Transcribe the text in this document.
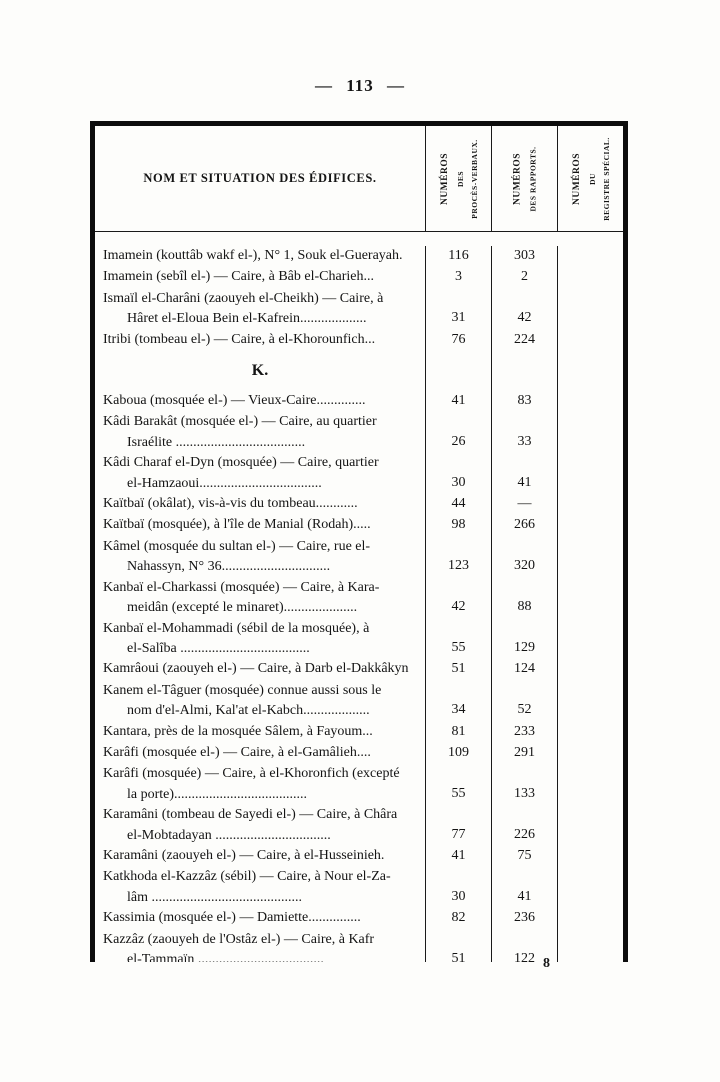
— 113 —
NOM ET SITUATION DES ÉDIFICES.	NUMÉROS DES PROCÈS-VERBAUX.	NUMÉROS DES RAPPORTS.	NUMÉROS DU REGISTRE SPÉCIAL.
Imamein (kouttâb wakf el-), N° 1, Souk el-Guerayah.	116	303
Imamein (sebîl el-) — Caire, à Bâb el-Charieh...	3	2
Ismaïl el-Charâni (zaouyeh el-Cheikh) — Caire, à
Hâret el-Eloua Bein el-Kafrein...................	31	42
Itribi (tombeau el-) — Caire, à el-Khorounfich...	76	224
K.
Kaboua (mosquée el-) — Vieux-Caire..............	41	83
Kâdi Barakât (mosquée el-) — Caire, au quartier
Israélite .....................................	26	33
Kâdi Charaf el-Dyn (mosquée) — Caire, quartier
el-Hamzaoui...................................	30	41
Kaïtbaï (okâlat), vis-à-vis du tombeau............	44	—
Kaïtbaï (mosquée), à l'île de Manial (Rodah).....	98	266
Kâmel (mosquée du sultan el-) — Caire, rue el-
Nahassyn, N° 36...............................	123	320
Kanbaï el-Charkassi (mosquée) — Caire, à Kara-
meidân (excepté le minaret).....................	42	88
Kanbaï el-Mohammadi (sébil de la mosquée), à
el-Salîba .....................................	55	129
Kamrâoui (zaouyeh el-) — Caire, à Darb el-Dakkâkyn	51	124
Kanem el-Tâguer (mosquée) connue aussi sous le
nom d'el-Almi, Kal'at el-Kabch...................	34	52
Kantara, près de la mosquée Sâlem, à Fayoum...	81	233
Karâfi (mosquée el-) — Caire, à el-Gamâlieh....	109	291
Karâfi (mosquée) — Caire, à el-Khoronfich (excepté
la porte)......................................	55	133
Karamâni (tombeau de Sayedi el-) — Caire, à Châra
el-Mobtadayan .................................	77	226
Karamâni (zaouyeh el-) — Caire, à el-Husseinieh.	41	75
Katkhoda el-Kazzâz (sébil) — Caire, à Nour el-Za-
lâm ...........................................	30	41
Kassimia (mosquée el-) — Damiette...............	82	236
Kazzâz (zaouyeh de l'Ostâz el-) — Caire, à Kafr
el-Tammaïn ....................................	51	122 8
